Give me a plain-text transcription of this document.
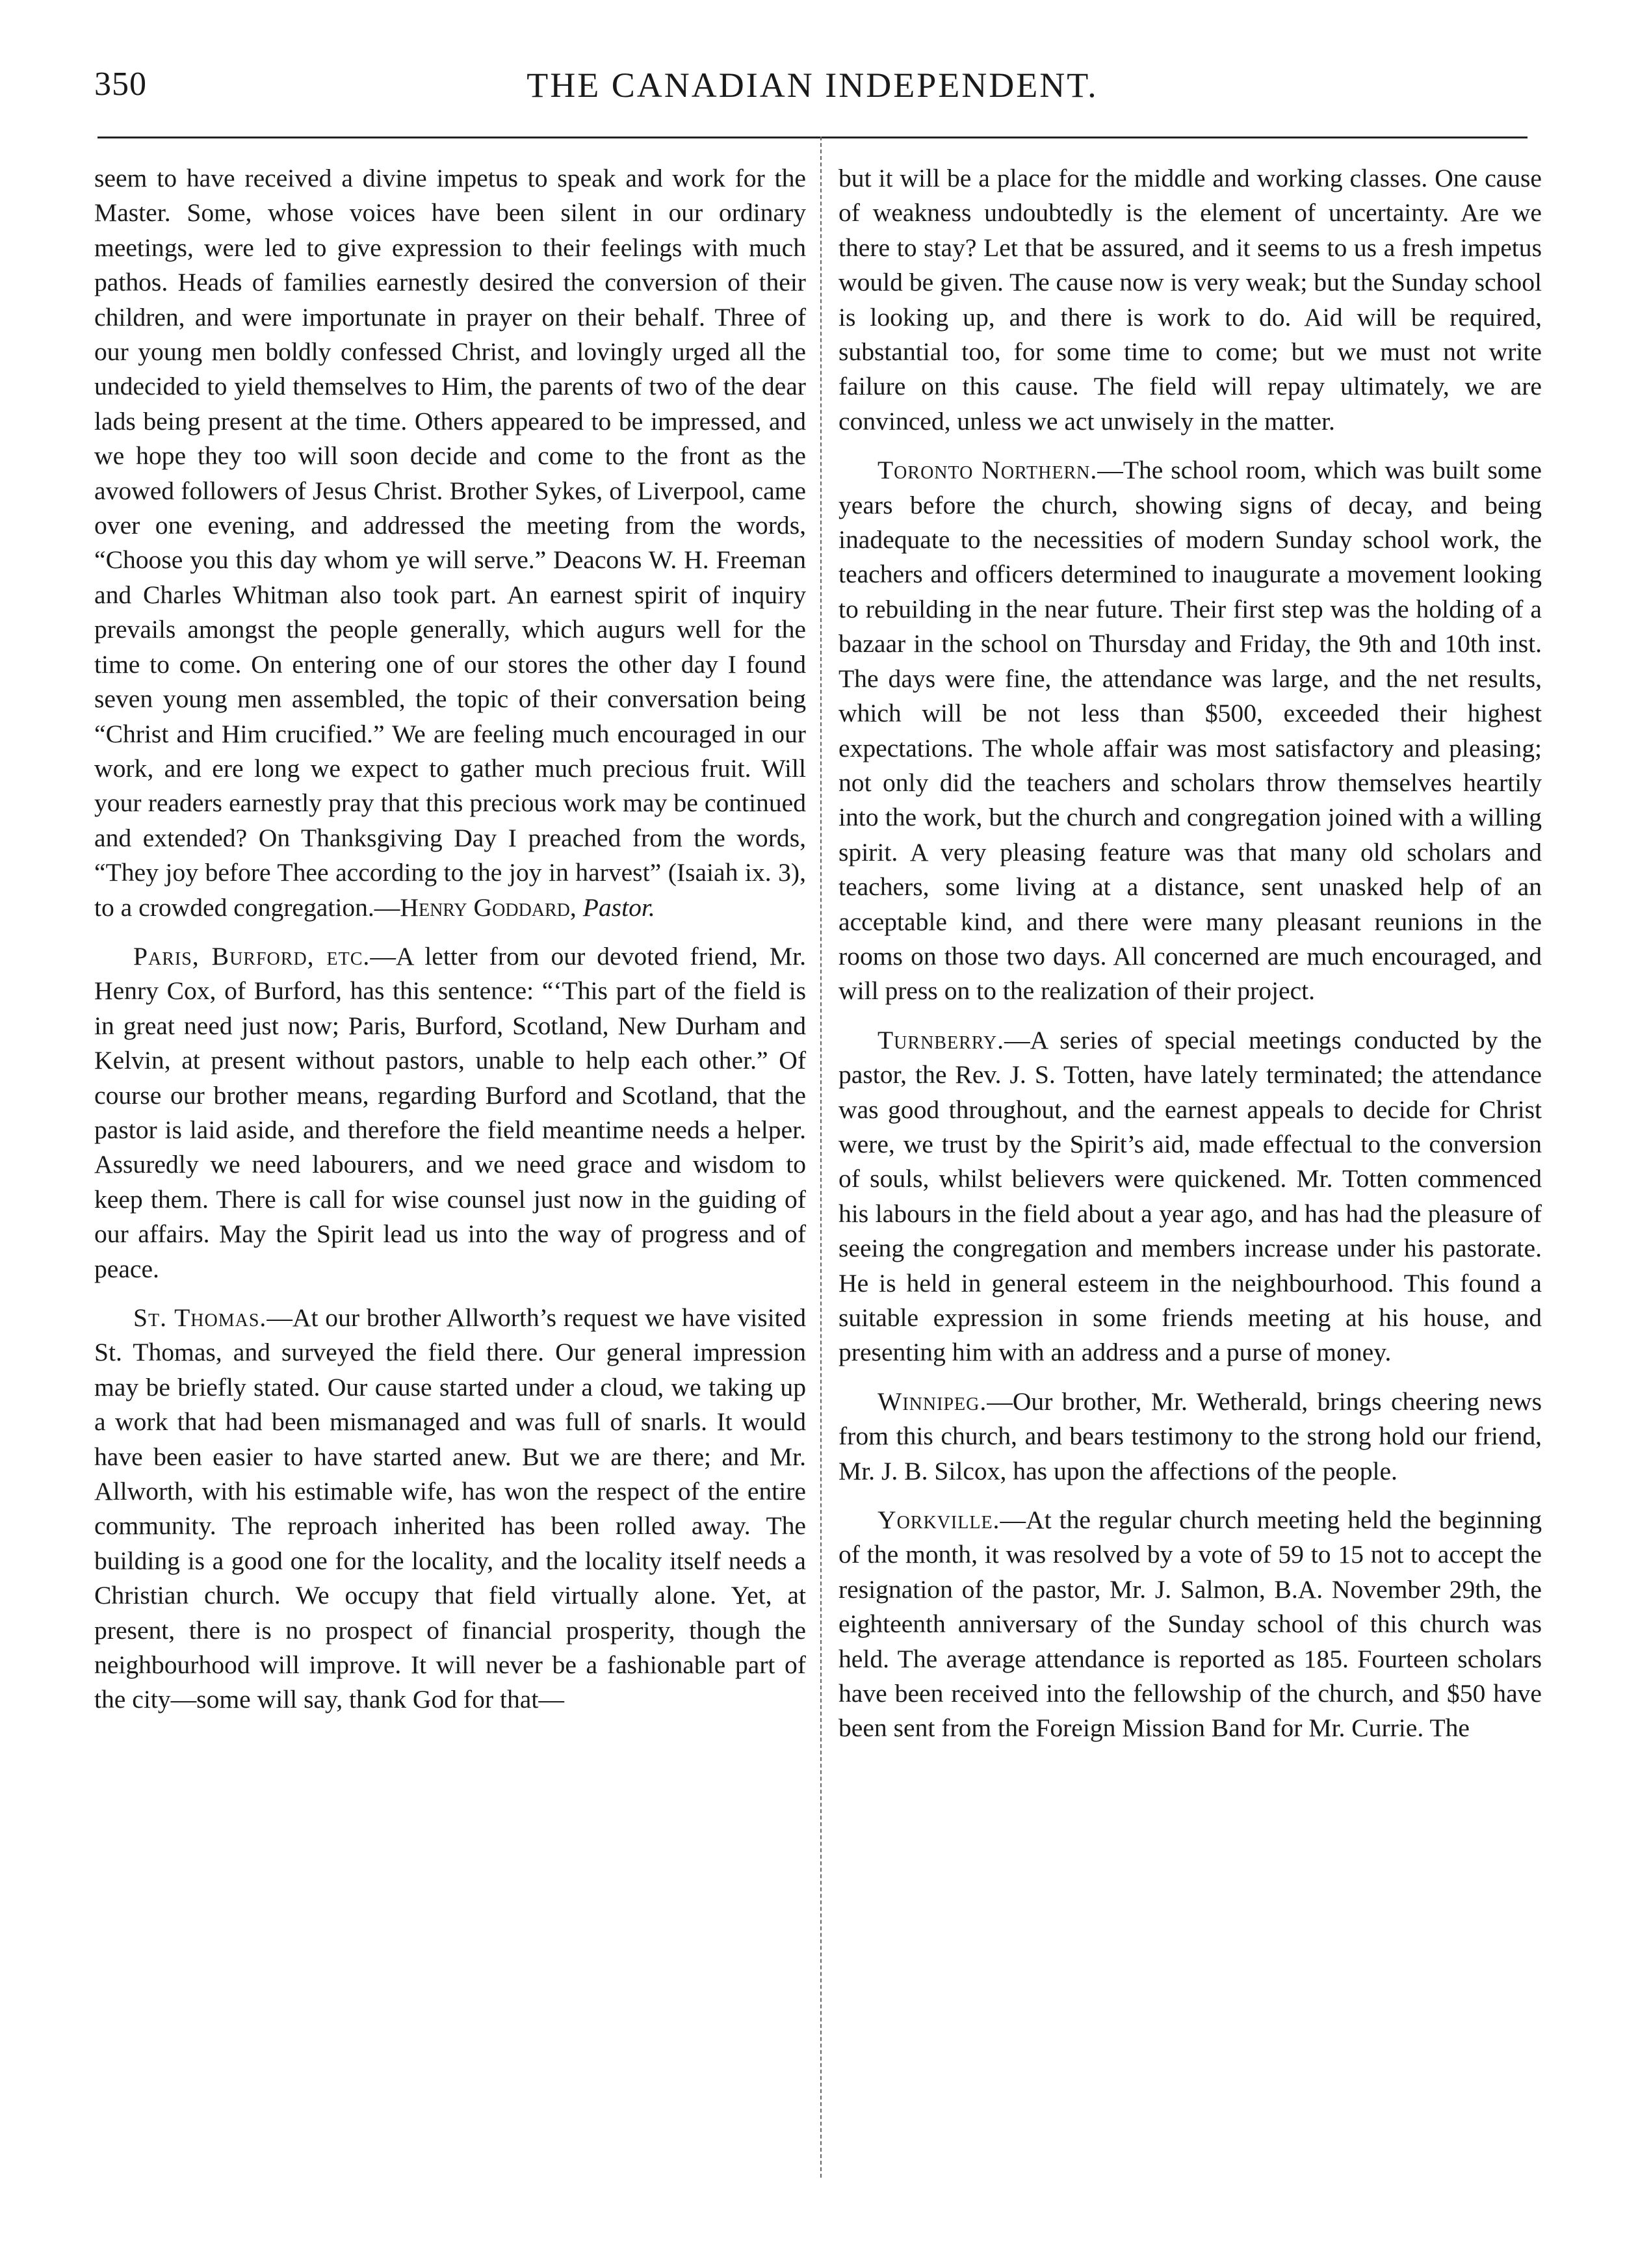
350	THE CANADIAN INDEPENDENT.

seem to have received a divine impetus to speak and work for the Master. Some, whose voices have been silent in our ordinary meetings, were led to give expression to their feelings with much pathos. Heads of families earnestly desired the conversion of their children, and were importunate in prayer on their behalf. Three of our young men boldly confessed Christ, and lovingly urged all the undecided to yield themselves to Him, the parents of two of the dear lads being present at the time. Others appeared to be impressed, and we hope they too will soon decide and come to the front as the avowed followers of Jesus Christ. Brother Sykes, of Liverpool, came over one evening, and addressed the meeting from the words, “Choose you this day whom ye will serve.” Deacons W. H. Freeman and Charles Whitman also took part. An earnest spirit of inquiry prevails amongst the people generally, which augurs well for the time to come. On entering one of our stores the other day I found seven young men assembled, the topic of their conversation being “Christ and Him crucified.” We are feeling much encouraged in our work, and ere long we expect to gather much precious fruit. Will your readers earnestly pray that this precious work may be continued and extended? On Thanksgiving Day I preached from the words, “They joy before Thee according to the joy in harvest” (Isaiah ix. 3), to a crowded congregation.—Henry Goddard, Pastor.

Paris, Burford, etc.—A letter from our devoted friend, Mr. Henry Cox, of Burford, has this sentence: “‘This part of the field is in great need just now; Paris, Burford, Scotland, New Durham and Kelvin, at present without pastors, unable to help each other.” Of course our brother means, regarding Burford and Scotland, that the pastor is laid aside, and therefore the field meantime needs a helper. Assuredly we need labourers, and we need grace and wisdom to keep them. There is call for wise counsel just now in the guiding of our affairs. May the Spirit lead us into the way of progress and of peace.

St. Thomas.—At our brother Allworth’s request we have visited St. Thomas, and surveyed the field there. Our general impression may be briefly stated. Our cause started under a cloud, we taking up a work that had been mismanaged and was full of snarls. It would have been easier to have started anew. But we are there; and Mr. Allworth, with his estimable wife, has won the respect of the entire community. The reproach inherited has been rolled away. The building is a good one for the locality, and the locality itself needs a Christian church. We occupy that field virtually alone. Yet, at present, there is no prospect of financial prosperity, though the neighbourhood will improve. It will never be a fashionable part of the city—some will say, thank God for that—

but it will be a place for the middle and working classes. One cause of weakness undoubtedly is the element of uncertainty. Are we there to stay? Let that be assured, and it seems to us a fresh impetus would be given. The cause now is very weak; but the Sunday school is looking up, and there is work to do. Aid will be required, substantial too, for some time to come; but we must not write failure on this cause. The field will repay ultimately, we are convinced, unless we act unwisely in the matter.

Toronto Northern.—The school room, which was built some years before the church, showing signs of decay, and being inadequate to the necessities of modern Sunday school work, the teachers and officers determined to inaugurate a movement looking to rebuilding in the near future. Their first step was the holding of a bazaar in the school on Thursday and Friday, the 9th and 10th inst. The days were fine, the attendance was large, and the net results, which will be not less than $500, exceeded their highest expectations. The whole affair was most satisfactory and pleasing; not only did the teachers and scholars throw themselves heartily into the work, but the church and congregation joined with a willing spirit. A very pleasing feature was that many old scholars and teachers, some living at a distance, sent unasked help of an acceptable kind, and there were many pleasant reunions in the rooms on those two days. All concerned are much encouraged, and will press on to the realization of their project.

Turnberry.—A series of special meetings conducted by the pastor, the Rev. J. S. Totten, have lately terminated; the attendance was good throughout, and the earnest appeals to decide for Christ were, we trust by the Spirit’s aid, made effectual to the conversion of souls, whilst believers were quickened. Mr. Totten commenced his labours in the field about a year ago, and has had the pleasure of seeing the congregation and members increase under his pastorate. He is held in general esteem in the neighbourhood. This found a suitable expression in some friends meeting at his house, and presenting him with an address and a purse of money.

Winnipeg.—Our brother, Mr. Wetherald, brings cheering news from this church, and bears testimony to the strong hold our friend, Mr. J. B. Silcox, has upon the affections of the people.

Yorkville.—At the regular church meeting held the beginning of the month, it was resolved by a vote of 59 to 15 not to accept the resignation of the pastor, Mr. J. Salmon, B.A. November 29th, the eighteenth anniversary of the Sunday school of this church was held. The average attendance is reported as 185. Fourteen scholars have been received into the fellowship of the church, and $50 have been sent from the Foreign Mission Band for Mr. Currie. The
